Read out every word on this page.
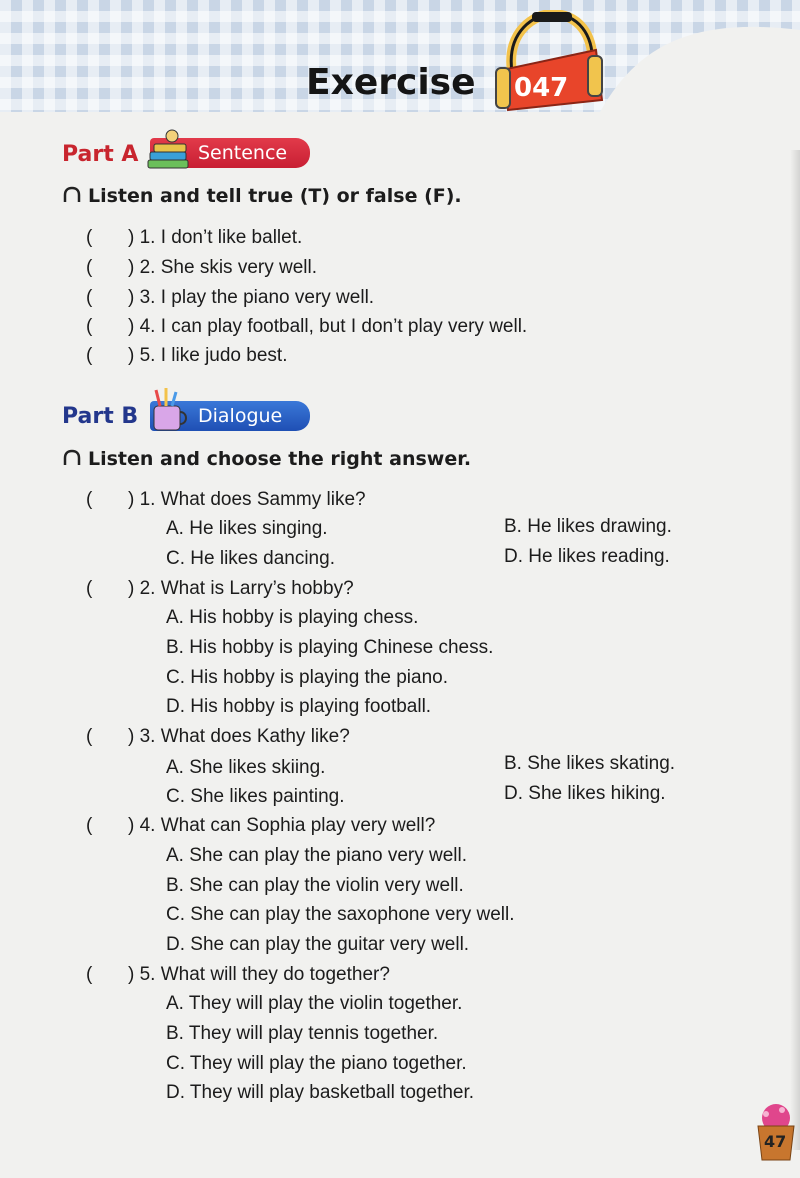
Exercise 047
Part A	Sentence
Listen and tell true (T) or false (F).
( ) 1. I don’t like ballet.
( ) 2. She skis very well.
( ) 3. I play the piano very well.
( ) 4. I can play football, but I don’t play very well.
( ) 5. I like judo best.
Part B	Dialogue
Listen and choose the right answer.
( ) 1. What does Sammy like?
A. He likes singing.	B. He likes drawing.
C. He likes dancing.	D. He likes reading.
( ) 2. What is Larry’s hobby?
A. His hobby is playing chess.
B. His hobby is playing Chinese chess.
C. His hobby is playing the piano.
D. His hobby is playing football.
( ) 3. What does Kathy like?
A. She likes skiing.	B. She likes skating.
C. She likes painting.	D. She likes hiking.
( ) 4. What can Sophia play very well?
A. She can play the piano very well.
B. She can play the violin very well.
C. She can play the saxophone very well.
D. She can play the guitar very well.
( ) 5. What will they do together?
A. They will play the violin together.
B. They will play tennis together.
C. They will play the piano together.
D. They will play basketball together.
47
